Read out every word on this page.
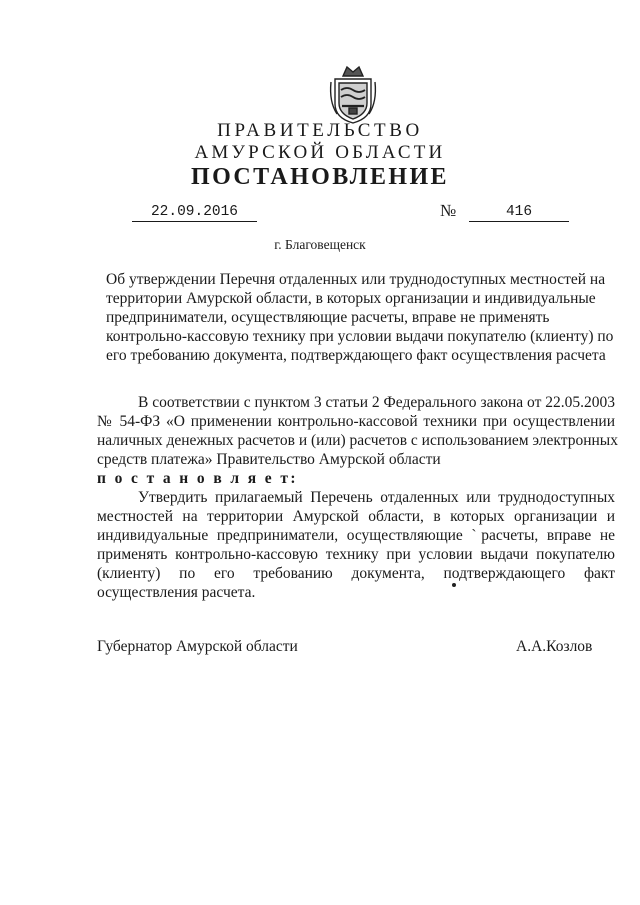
ПРАВИТЕЛЬСТВО
АМУРСКОЙ ОБЛАСТИ
ПОСТАНОВЛЕНИЕ
22.09.2016	№	416
г. Благовещенск
Об утверждении Перечня отдаленных или труднодоступных местностей на
территории Амурской области, в которых организации и индивидуальные
предприниматели, осуществляющие расчеты, вправе не применять
контрольно-кассовую технику при условии выдачи покупателю (клиенту) по
его требованию документа, подтверждающего факт осуществления расчета
В соответствии с пунктом 3 статьи 2 Федерального закона от 22.05.2003
№ 54-ФЗ «О применении контрольно-кассовой техники при осуществлении
наличных денежных расчетов и (или) расчетов с использованием электронных
средств платежа» Правительство Амурской области
п о с т а н о в л я е т:
Утвердить прилагаемый Перечень отдаленных или труднодоступных
местностей на территории Амурской области, в которых организации и
индивидуальные предприниматели, осуществляющие ˋрасчеты, вправе не
применять контрольно-кассовую технику при условии выдачи покупателю
(клиенту) по его требованию документа, подтверждающего факт
осуществления расчета.
Губернатор Амурской области	А.А.Козлов
